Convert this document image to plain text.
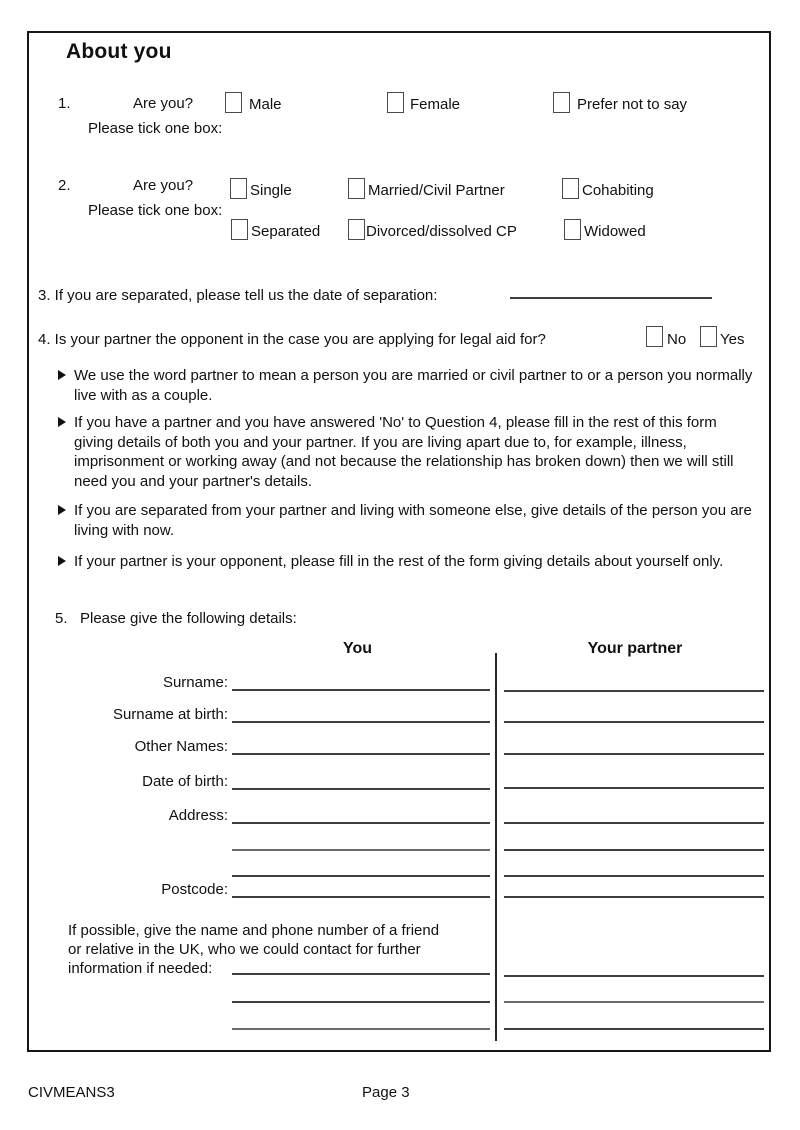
About you
1.	Are you?
Please tick one box:
Male	Female	Prefer not to say
2.	Are you?
Please tick one box:
Single	Married/Civil Partner	Cohabiting
Separated	Divorced/dissolved CP	Widowed
3. If you are separated, please tell us the date of separation:
4. Is your partner the opponent in the case you are applying for legal aid for?	No Yes
We use the word partner to mean a person you are married or civil partner to or a person you normally live with as a couple.
If you have a partner and you have answered 'No' to Question 4, please fill in the rest of this form giving details of both you and your partner. If you are living apart due to, for example, illness, imprisonment or working away (and not because the relationship has broken down) then we will still need you and your partner's details.
If you are separated from your partner and living with someone else, give details of the person you are living with now.
If your partner is your opponent, please fill in the rest of the form giving details about yourself only.
5. Please give the following details:
You	Your partner
Surname:
Surname at birth:
Other Names:
Date of birth:
Address:
Postcode:
If possible, give the name and phone number of a friend
or relative in the UK, who we could contact for further
information if needed:
CIVMEANS3	Page 3
